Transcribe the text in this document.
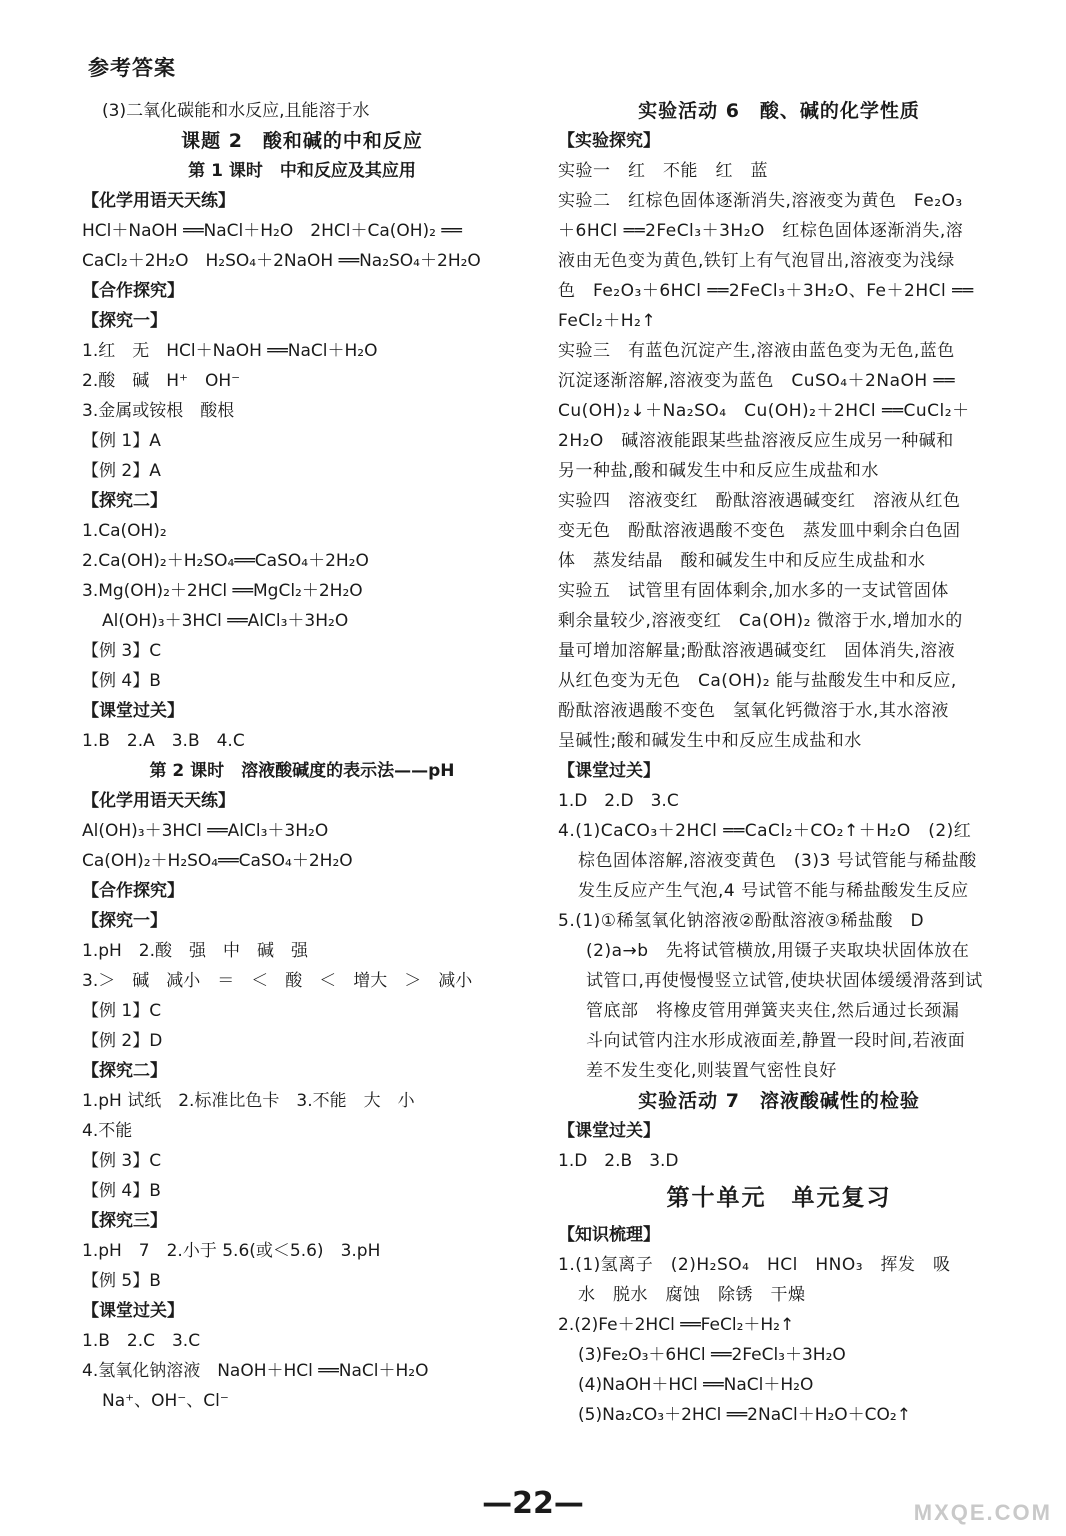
参考答案
(3)二氧化碳能和水反应,且能溶于水
课题 2　酸和碱的中和反应
第 1 课时　中和反应及其应用
【化学用语天天练】
HCl＋NaOH ══NaCl＋H₂O　2HCl＋Ca(OH)₂ ══
CaCl₂＋2H₂O　H₂SO₄＋2NaOH ══Na₂SO₄＋2H₂O
【合作探究】
【探究一】
1.红　无　HCl＋NaOH ══NaCl＋H₂O
2.酸　碱　H⁺　OH⁻
3.金属或铵根　酸根
【例 1】A
【例 2】A
【探究二】
1.Ca(OH)₂
2.Ca(OH)₂＋H₂SO₄══CaSO₄＋2H₂O
3.Mg(OH)₂＋2HCl ══MgCl₂＋2H₂O
Al(OH)₃＋3HCl ══AlCl₃＋3H₂O
【例 3】C
【例 4】B
【课堂过关】
1.B　2.A　3.B　4.C
第 2 课时　溶液酸碱度的表示法——pH
【化学用语天天练】
Al(OH)₃＋3HCl ══AlCl₃＋3H₂O
Ca(OH)₂＋H₂SO₄══CaSO₄＋2H₂O
【合作探究】
【探究一】
1.pH　2.酸　强　中　碱　强
3.＞　碱　减小　＝　＜　酸　＜　增大　＞　减小
【例 1】C
【例 2】D
【探究二】
1.pH 试纸　2.标准比色卡　3.不能　大　小
4.不能
【例 3】C
【例 4】B
【探究三】
1.pH　7　2.小于 5.6(或＜5.6)　3.pH
【例 5】B
【课堂过关】
1.B　2.C　3.C
4.氢氧化钠溶液　NaOH＋HCl ══NaCl＋H₂O
Na⁺、OH⁻、Cl⁻
实验活动 6　酸、碱的化学性质
【实验探究】
实验一　红　不能　红　蓝
实验二　红棕色固体逐渐消失,溶液变为黄色　Fe₂O₃
＋6HCl ══2FeCl₃＋3H₂O　红棕色固体逐渐消失,溶
液由无色变为黄色,铁钉上有气泡冒出,溶液变为浅绿
色　Fe₂O₃＋6HCl ══2FeCl₃＋3H₂O、Fe＋2HCl ══
FeCl₂＋H₂↑
实验三　有蓝色沉淀产生,溶液由蓝色变为无色,蓝色
沉淀逐渐溶解,溶液变为蓝色　CuSO₄＋2NaOH ══
Cu(OH)₂↓＋Na₂SO₄　Cu(OH)₂＋2HCl ══CuCl₂＋
2H₂O　碱溶液能跟某些盐溶液反应生成另一种碱和
另一种盐,酸和碱发生中和反应生成盐和水
实验四　溶液变红　酚酞溶液遇碱变红　溶液从红色
变无色　酚酞溶液遇酸不变色　蒸发皿中剩余白色固
体　蒸发结晶　酸和碱发生中和反应生成盐和水
实验五　试管里有固体剩余,加水多的一支试管固体
剩余量较少,溶液变红　Ca(OH)₂ 微溶于水,增加水的
量可增加溶解量;酚酞溶液遇碱变红　固体消失,溶液
从红色变为无色　Ca(OH)₂ 能与盐酸发生中和反应,
酚酞溶液遇酸不变色　氢氧化钙微溶于水,其水溶液
呈碱性;酸和碱发生中和反应生成盐和水
【课堂过关】
1.D　2.D　3.C
4.(1)CaCO₃＋2HCl ══CaCl₂＋CO₂↑＋H₂O　(2)红
棕色固体溶解,溶液变黄色　(3)3 号试管能与稀盐酸
发生反应产生气泡,4 号试管不能与稀盐酸发生反应
5.(1)①稀氢氧化钠溶液②酚酞溶液③稀盐酸　D
(2)a→b　先将试管横放,用镊子夹取块状固体放在
试管口,再使慢慢竖立试管,使块状固体缓缓滑落到试
管底部　将橡皮管用弹簧夹夹住,然后通过长颈漏
斗向试管内注水形成液面差,静置一段时间,若液面
差不发生变化,则装置气密性良好
实验活动 7　溶液酸碱性的检验
【课堂过关】
1.D　2.B　3.D
第十单元　单元复习
【知识梳理】
1.(1)氢离子　(2)H₂SO₄　HCl　HNO₃　挥发　吸
水　脱水　腐蚀　除锈　干燥
2.(2)Fe＋2HCl ══FeCl₂＋H₂↑
(3)Fe₂O₃＋6HCl ══2FeCl₃＋3H₂O
(4)NaOH＋HCl ══NaCl＋H₂O
(5)Na₂CO₃＋2HCl ══2NaCl＋H₂O＋CO₂↑
—22—	MXQE.COM
